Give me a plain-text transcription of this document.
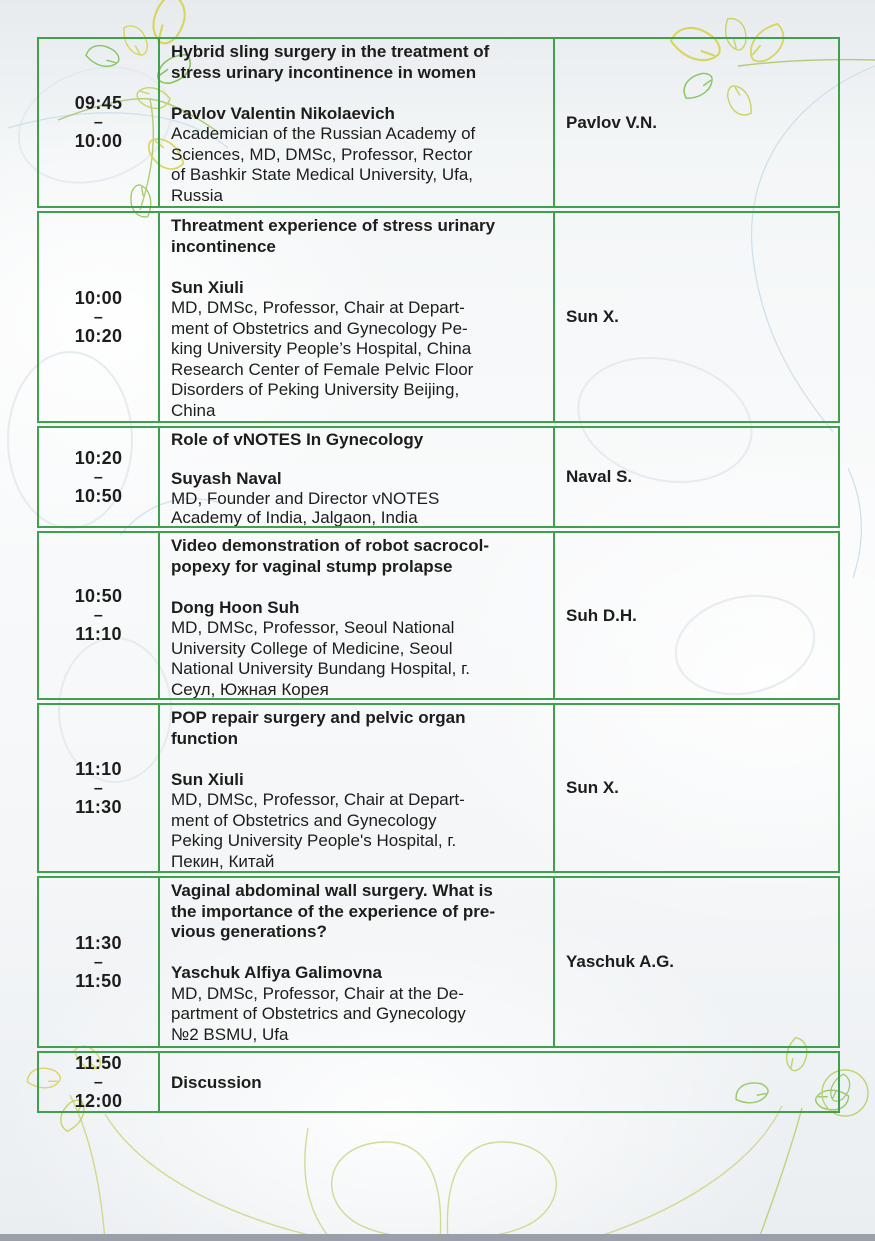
09:45
–
10:00
Hybrid sling surgery in the treatment of
stress urinary incontinence in women
Pavlov Valentin Nikolaevich
Academician of the Russian Academy of
Sciences, MD, DMSc, Professor, Rector
of Bashkir State Medical University, Ufa,
Russia
Pavlov V.N.
10:00
–
10:20
Threatment experience of stress urinary
incontinence
Sun Xiuli
MD, DMSc, Professor, Chair at Depart-
ment of Obstetrics and Gynecology Pe-
king University People’s Hospital, China
Research Center of Female Pelvic Floor
Disorders of Peking University Beijing,
China
Sun X.
10:20
–
10:50
Role of vNOTES In Gynecology
Suyash Naval
MD, Founder and Director vNOTES
Academy of India, Jalgaon, India
Naval S.
10:50
–
11:10
Video demonstration of robot sacrocol-
popexy for vaginal stump prolapse
Dong Hoon Suh
MD, DMSc, Professor, Seoul National
University College of Medicine, Seoul
National University Bundang Hospital, г.
Сеул, Южная Корея
Suh D.H.
11:10
–
11:30
POP repair surgery and pelvic organ
function
Sun Xiuli
MD, DMSc, Professor, Chair at Depart-
ment of Obstetrics and Gynecology
Peking University People's Hospital, г.
Пекин, Китай
Sun X.
11:30
–
11:50
Vaginal abdominal wall surgery. What is
the importance of the experience of pre-
vious generations?
Yaschuk Alfiya Galimovna
MD, DMSc, Professor, Chair at the De-
partment of Obstetrics and Gynecology
№2 BSMU, Ufa
Yaschuk A.G.
11:50
–
12:00
Discussion
